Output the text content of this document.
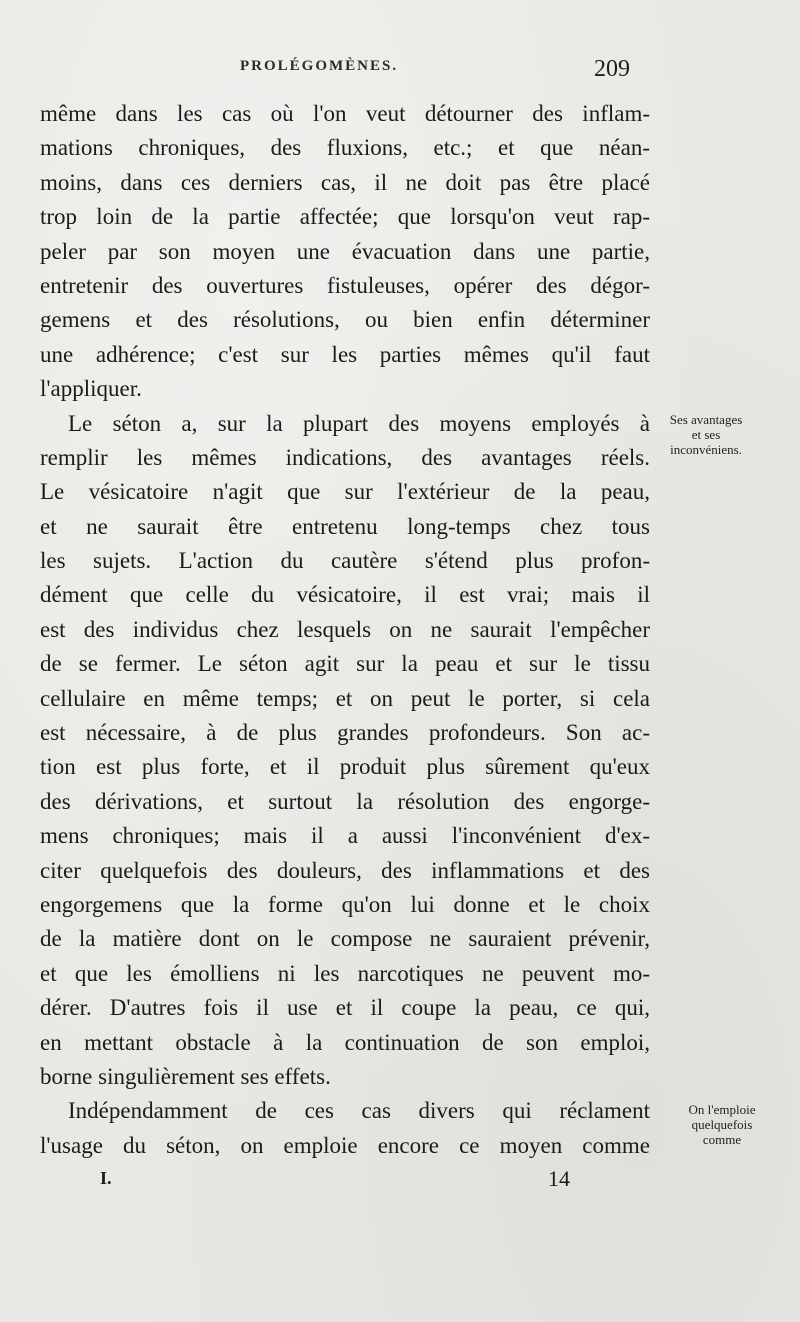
PROLÉGOMÈNES.	209
même dans les cas où l'on veut détourner des inflam-
mations chroniques, des fluxions, etc.; et que néan-
moins, dans ces derniers cas, il ne doit pas être placé
trop loin de la partie affectée; que lorsqu'on veut rap-
peler par son moyen une évacuation dans une partie,
entretenir des ouvertures fistuleuses, opérer des dégor-
gemens et des résolutions, ou bien enfin déterminer
une adhérence; c'est sur les parties mêmes qu'il faut
l'appliquer.
Le séton a, sur la plupart des moyens employés à
remplir les mêmes indications, des avantages réels.
Le vésicatoire n'agit que sur l'extérieur de la peau,
et ne saurait être entretenu long-temps chez tous
les sujets. L'action du cautère s'étend plus profon-
dément que celle du vésicatoire, il est vrai; mais il
est des individus chez lesquels on ne saurait l'empêcher
de se fermer. Le séton agit sur la peau et sur le tissu
cellulaire en même temps; et on peut le porter, si cela
est nécessaire, à de plus grandes profondeurs. Son ac-
tion est plus forte, et il produit plus sûrement qu'eux
des dérivations, et surtout la résolution des engorge-
mens chroniques; mais il a aussi l'inconvénient d'ex-
citer quelquefois des douleurs, des inflammations et des
engorgemens que la forme qu'on lui donne et le choix
de la matière dont on le compose ne sauraient prévenir,
et que les émolliens ni les narcotiques ne peuvent mo-
dérer. D'autres fois il use et il coupe la peau, ce qui,
en mettant obstacle à la continuation de son emploi,
borne singulièrement ses effets.
Indépendamment de ces cas divers qui réclament
l'usage du séton, on emploie encore ce moyen comme
Ses avantages
et ses
inconvéniens.
On l'emploie
quelquefois
comme
I.	14
